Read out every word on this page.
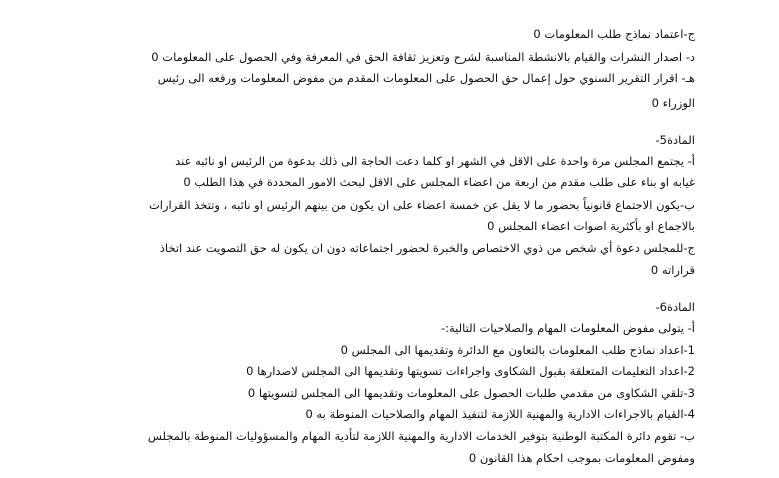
ج-اعتماد نماذج طلب المعلومات 0
د- اصدار النشرات والقيام بالانشطة المناسبة لشرح وتعزيز ثقافة الحق في المعرفة وفي الحصول على المعلومات 0
هـ- اقرار التقرير السنوي حول إعمال حق الحصول على المعلومات المقدم من مفوض المعلومات ورفعه الى رئيس
الوزراء 0
المادة5-
أ- يجتمع المجلس مرة واحدة على الاقل في الشهر او كلما دعت الحاجة الى ذلك بدعوة من الرئيس او نائبه عند
غيابه او بناء على طلب مقدم من اربعة من اعضاء المجلس على الاقل لبحث الامور المحددة في هذا الطلب 0
ب-يكون الاجتماع قانونياً بحضور ما لا يقل عن خمسة اعضاء على ان يكون من بينهم الرئيس او نائبه ، وتتخذ القرارات
بالاجماع او بأكثرية اصوات اعضاء المجلس 0
ج-للمجلس دعوة أي شخص من ذوي الاختصاص والخبرة لحضور اجتماعاته دون ان يكون له حق التصويت عند اتخاذ
قراراته 0
المادة6-
أ- يتولى مفوض المعلومات المهام والصلاحيات التالية:-
1-اعداد نماذج طلب المعلومات بالتعاون مع الدائرة وتقديمها الى المجلس 0
2-اعداد التعليمات المتعلقة بقبول الشكاوى واجراءات تسويتها وتقديمها الى المجلس لاصدارها 0
3-تلقي الشكاوى من مقدمي طلبات الحصول على المعلومات وتقديمها الى المجلس لتسويتها 0
4-القيام بالاجراءات الادارية والمهنية اللازمة لتنفيذ المهام والصلاحيات المنوطة به 0
ب- تقوم دائرة المكتبة الوطنية بتوفير الخدمات الادارية والمهنية اللازمة لتأدية المهام والمسؤوليات المنوطة بالمجلس
ومفوض المعلومات بموجب احكام هذا القانون 0
